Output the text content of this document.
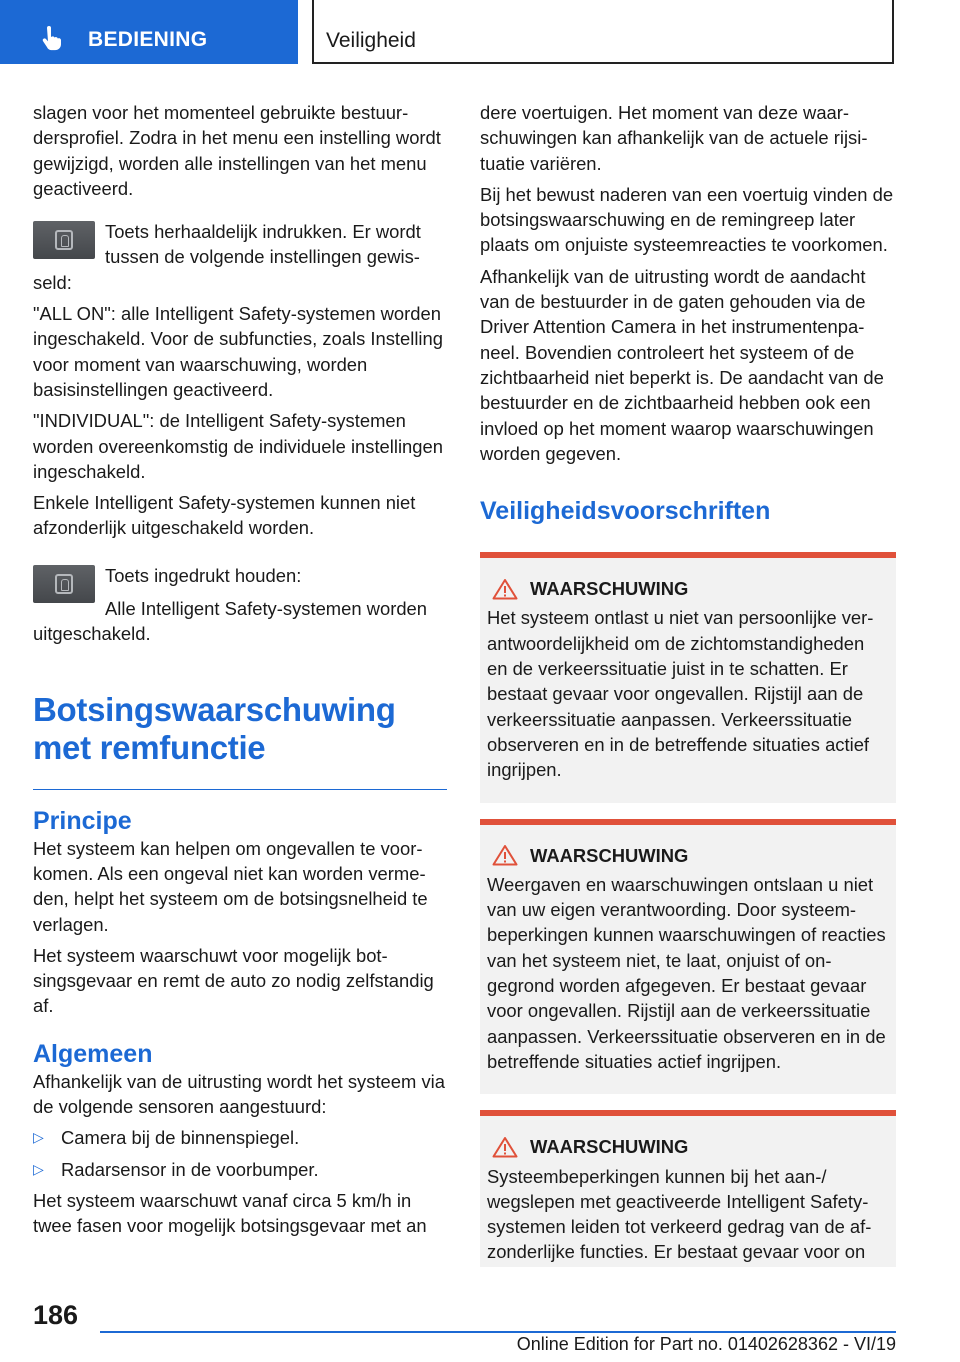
BEDIENING	Veiligheid

slagen voor het momenteel gebruikte bestuurdersprofiel. Zodra in het menu een instelling wordt gewijzigd, worden alle instellingen van het menu geactiveerd.

Toets herhaaldelijk indrukken. Er wordt tussen de volgende instellingen gewisseld:

"ALL ON": alle Intelligent Safety-systemen worden ingeschakeld. Voor de subfuncties, zoals Instelling voor moment van waarschuwing, worden basisinstellingen geactiveerd.

"INDIVIDUAL": de Intelligent Safety-systemen worden overeenkomstig de individuele instellingen ingeschakeld.

Enkele Intelligent Safety-systemen kunnen niet afzonderlijk uitgeschakeld worden.

Toets ingedrukt houden:

Alle Intelligent Safety-systemen worden uitgeschakeld.

Botsingswaarschuwing met remfunctie
Principe

Het systeem kan helpen om ongevallen te voorkomen. Als een ongeval niet kan worden vermeden, helpt het systeem om de botsingsnelheid te verlagen.

Het systeem waarschuwt voor mogelijk botsingsgevaar en remt de auto zo nodig zelfstandig af.

Algemeen

Afhankelijk van de uitrusting wordt het systeem via de volgende sensoren aangestuurd:

▷ Camera bij de binnenspiegel.
▷ Radarsensor in de voorbumper.

Het systeem waarschuwt vanaf circa 5 km/h in twee fasen voor mogelijk botsingsgevaar met an

dere voertuigen. Het moment van deze waarschuwingen kan afhankelijk van de actuele rijsituatie variëren.

Bij het bewust naderen van een voertuig vinden de botsingswaarschuwing en de remingreep later plaats om onjuiste systeemreacties te voorkomen.

Afhankelijk van de uitrusting wordt de aandacht van de bestuurder in de gaten gehouden via de Driver Attention Camera in het instrumentenpaneel. Bovendien controleert het systeem of de zichtbaarheid niet beperkt is. De aandacht van de bestuurder en de zichtbaarheid hebben ook een invloed op het moment waarop waarschuwingen worden gegeven.

Veiligheidsvoorschriften
WAARSCHUWING
Het systeem ontlast u niet van persoonlijke verantwoordelijkheid om de zichtomstandigheden en de verkeerssituatie juist in te schatten. Er bestaat gevaar voor ongevallen. Rijstijl aan de verkeerssituatie aanpassen. Verkeerssituatie observeren en in de betreffende situaties actief ingrijpen.
WAARSCHUWING
Weergaven en waarschuwingen ontslaan u niet van uw eigen verantwoording. Door systeembeperkingen kunnen waarschuwingen of reacties van het systeem niet, te laat, onjuist of ongegrond worden afgegeven. Er bestaat gevaar voor ongevallen. Rijstijl aan de verkeerssituatie aanpassen. Verkeerssituatie observeren en in de betreffende situaties actief ingrijpen.
WAARSCHUWING
Systeembeperkingen kunnen bij het aan-/ wegslepen met geactiveerde Intelligent Safety-systemen leiden tot verkeerd gedrag van de afzonderlijke functies. Er bestaat gevaar voor on
186
Online Edition for Part no. 01402628362 - VI/19
